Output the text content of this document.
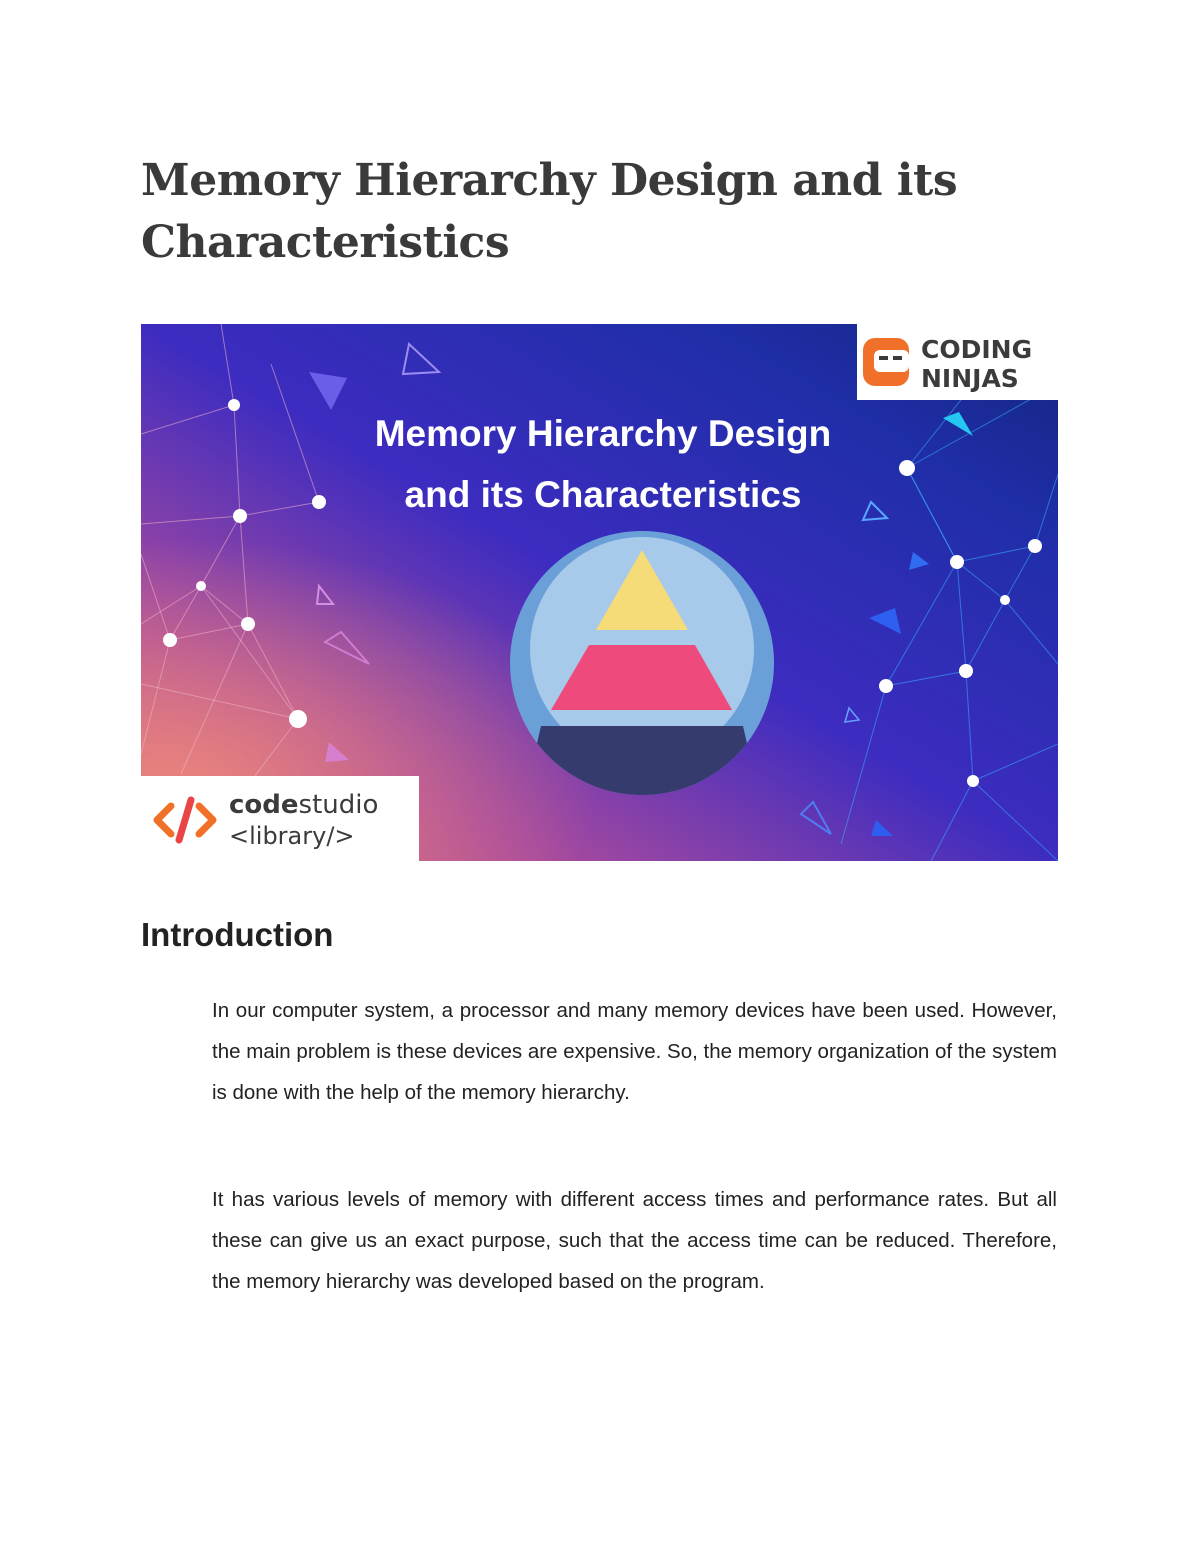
Memory Hierarchy Design and its Characteristics
Memory Hierarchy Design
and its Characteristics
CODING
NINJAS
codestudio
<library/>
Introduction

In our computer system, a processor and many memory devices have been used. However, the main problem is these devices are expensive. So, the memory organization of the system is done with the help of the memory hierarchy.

It has various levels of memory with different access times and performance rates. But all these can give us an exact purpose, such that the access time can be reduced. Therefore, the memory hierarchy was developed based on the program.
